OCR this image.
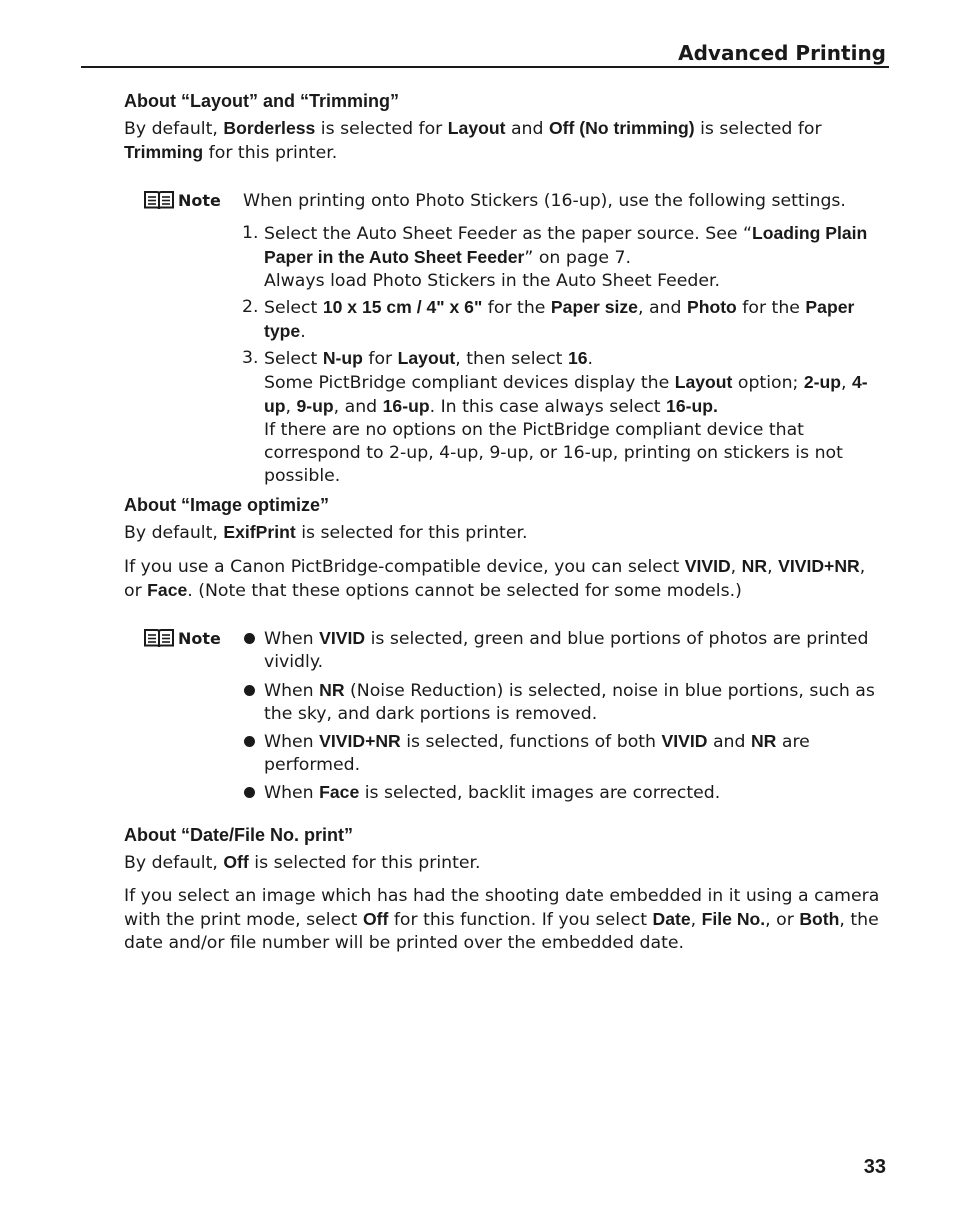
Advanced Printing
About “Layout” and “Trimming”
By default, Borderless is selected for Layout and Off (No trimming) is selected for Trimming for this printer.
Note When printing onto Photo Stickers (16-up), use the following settings.
1. Select the Auto Sheet Feeder as the paper source. See “Loading Plain Paper in the Auto Sheet Feeder” on page 7.
Always load Photo Stickers in the Auto Sheet Feeder.
2. Select 10 x 15 cm / 4" x 6" for the Paper size, and Photo for the Paper type.
3. Select N-up for Layout, then select 16.
Some PictBridge compliant devices display the Layout option; 2-up, 4-up, 9-up, and 16-up. In this case always select 16-up.
If there are no options on the PictBridge compliant device that correspond to 2-up, 4-up, 9-up, or 16-up, printing on stickers is not possible.
About “Image optimize”
By default, ExifPrint is selected for this printer.
If you use a Canon PictBridge-compatible device, you can select VIVID, NR, VIVID+NR, or Face. (Note that these options cannot be selected for some models.)
Note When VIVID is selected, green and blue portions of photos are printed vividly.
When NR (Noise Reduction) is selected, noise in blue portions, such as the sky, and dark portions is removed.
When VIVID+NR is selected, functions of both VIVID and NR are performed.
When Face is selected, backlit images are corrected.
About “Date/File No. print”
By default, Off is selected for this printer.
If you select an image which has had the shooting date embedded in it using a camera with the print mode, select Off for this function. If you select Date, File No., or Both, the date and/or file number will be printed over the embedded date.
33
